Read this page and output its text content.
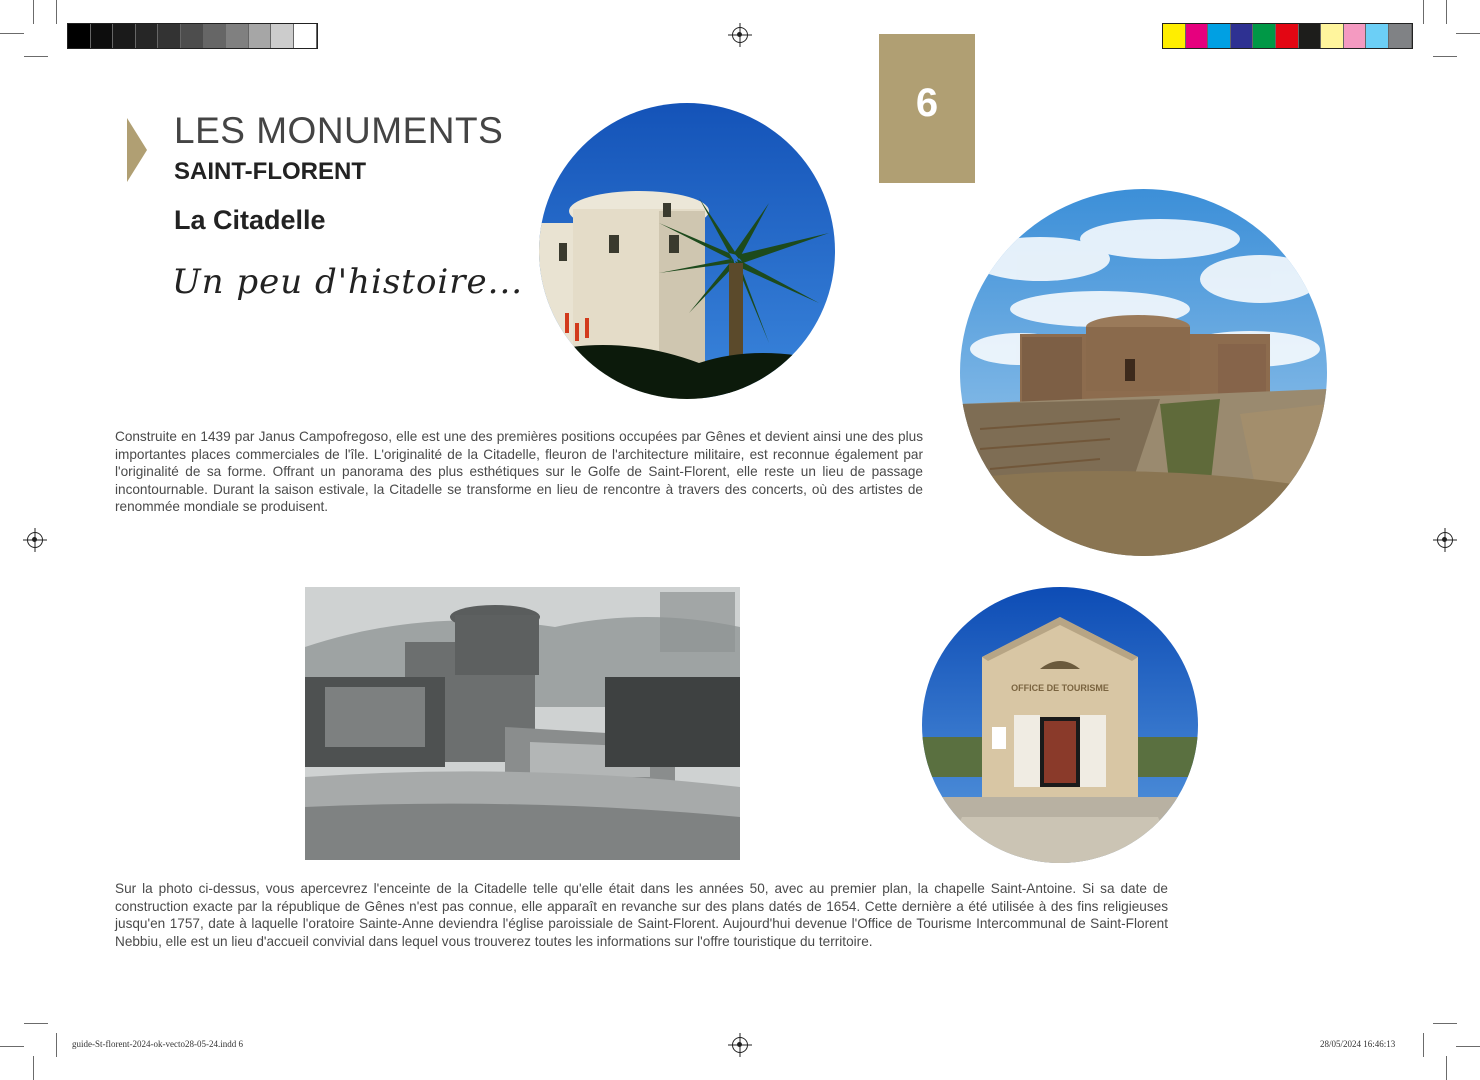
6
LES MONUMENTS
SAINT-FLORENT
La Citadelle
Un peu d'histoire...
Construite en 1439 par Janus Campofregoso, elle est une des premières positions occupées par Gênes et devient ainsi une des plus importantes places commerciales de l'île. L'originalité de la Citadelle, fleuron de l'architecture militaire, est reconnue également par l'originalité de sa forme. Offrant un panorama des plus esthétiques sur le Golfe de Saint-Florent, elle reste un lieu de passage incontournable. Durant la saison estivale, la Citadelle se transforme en lieu de rencontre à travers des concerts, où des artistes de renommée mondiale se produisent.
OFFICE DE TOURISME
Sur la photo ci-dessus, vous apercevrez l'enceinte de la Citadelle telle qu'elle était dans les années 50, avec au premier plan, la chapelle Saint-Antoine. Si sa date de construction exacte par la république de Gênes n'est pas connue, elle apparaît en revanche sur des plans datés de 1654. Cette dernière a été utilisée à des fins religieuses jusqu'en 1757, date à laquelle l'oratoire Sainte-Anne deviendra l'église paroissiale de Saint-Florent. Aujourd'hui devenue l'Office de Tourisme Intercommunal de Saint-Florent Nebbiu, elle est un lieu d'accueil convivial dans lequel vous trouverez toutes les informations sur l'offre touristique du territoire.
guide-St-florent-2024-ok-vecto28-05-24.indd 6	28/05/2024 16:46:13
